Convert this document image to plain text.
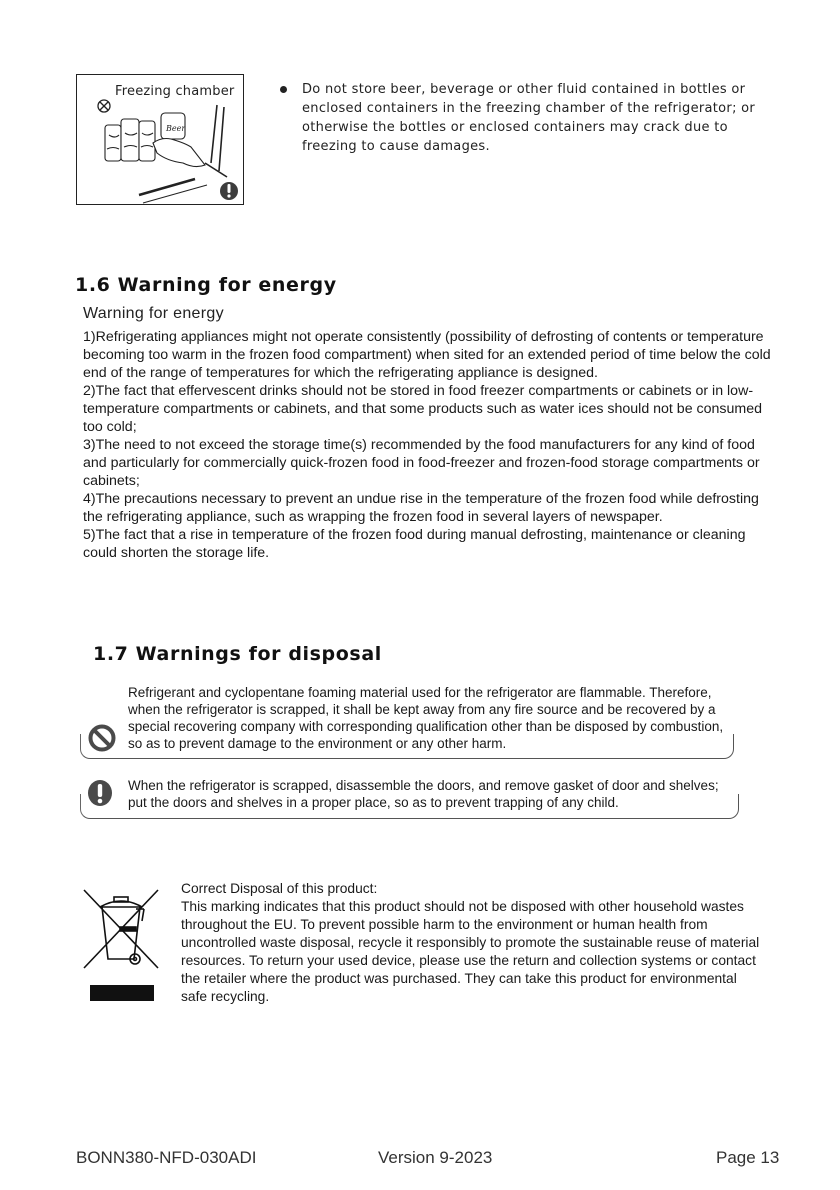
Beer
Freezing chamber	Do not store beer, beverage or other fluid contained in bottles or enclosed containers in the freezing chamber of the refrigerator; or otherwise the bottles or enclosed containers may crack due to freezing to cause damages.
1.6 Warning for energy
Warning for energy

1)Refrigerating appliances might not operate consistently (possibility of defrosting of contents or temperature becoming too warm in the frozen food compartment) when sited for an extended period of time below the cold end of the range of temperatures for which the refrigerating appliance is designed.

2)The fact that effervescent drinks should not be stored in food freezer compartments or cabinets or in low-temperature compartments or cabinets, and that some products such as water ices should not be consumed too cold;

3)The need to not exceed the storage time(s) recommended by the food manufacturers for any kind of food and particularly for commercially quick-frozen food in food-freezer and frozen-food storage compartments or cabinets;

4)The precautions necessary to prevent an undue rise in the temperature of the frozen food while defrosting the refrigerating appliance, such as wrapping the frozen food in several layers of newspaper.

5)The fact that a rise in temperature of the frozen food during manual defrosting, maintenance or cleaning could shorten the storage life.

1.7 Warnings for disposal
Refrigerant and cyclopentane foaming material used for the refrigerator are flammable. Therefore, when the refrigerator is scrapped, it shall be kept away from any fire source and be recovered by a special recovering company with corresponding qualification other than be disposed by combustion, so as to prevent damage to the environment or any other harm.
When the refrigerator is scrapped, disassemble the doors, and remove gasket of door and shelves; put the doors and shelves in a proper place, so as to prevent trapping of any child.

Correct Disposal of this product:

This marking indicates that this product should not be disposed with other household wastes throughout the EU. To prevent possible harm to the environment or human health from uncontrolled waste disposal, recycle it responsibly to promote the sustainable reuse of material resources. To return your used device, please use the return and collection systems or contact the retailer where the product was purchased. They can take this product for environmental safe recycling.

BONN380-NFD-030ADI	Version 9-2023	Page 13
